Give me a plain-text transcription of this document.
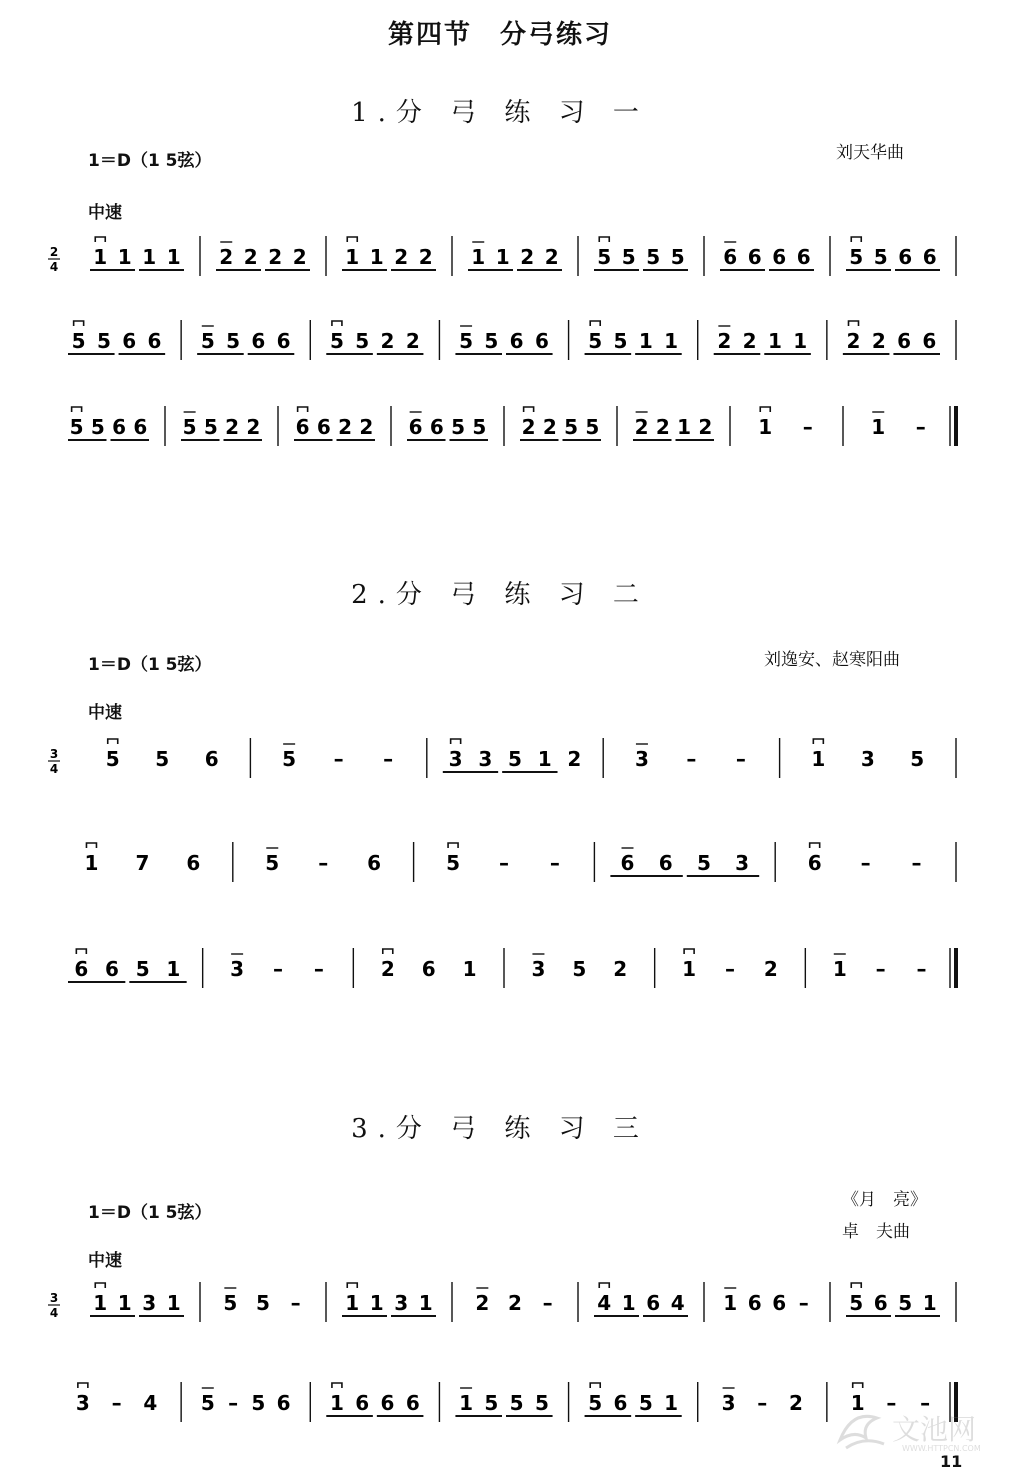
第四节　分弓练习
1.分 弓 练 习 一
1＝D（1 5弦）	刘天华曲
中速
2
4 1 1 1 1 2 2 2 2 1 1 2 2 1 1 2 2 5 5 5 5 6 6 6 6 5 5 6 6
5 5 6 6 5 5 6 6 5 5 2 2 5 5 6 6 5 5 1 1 2 2 1 1 2 2 6 6
5 5 6 6 5 5 2 2 6 6 2 2 6 6 5 5 2 2 5 5 2 2 1 2 1 –	1 –
2.分 弓 练 习 二
1＝D（1 5弦）	刘逸安、赵寒阳曲
中速
3
4 5 5 6	5 – –	3 3 5 1 2	3 – –	1 3 5
1 7 6	5 – 6	5 – –	6 6 5 3	6 – –
6 6 5 1 3 – –	2 6 1	3 5 2	1 – 2	1 – –
3.分 弓 练 习 三
1＝D（1 5弦）
《月　亮》
卓　夫曲
中速
3
4 1 1 3 1 5 5 – 1 1 3 1 2 2 – 4 1 6 4 1 6 6 – 5 6 5 1
3 – 4 5 – 5 6 1 6 6 6 1 5 5 5 5 6 5 1 3 – 2 1 – –
文池网
WWW.HTTPCN.COM
11
